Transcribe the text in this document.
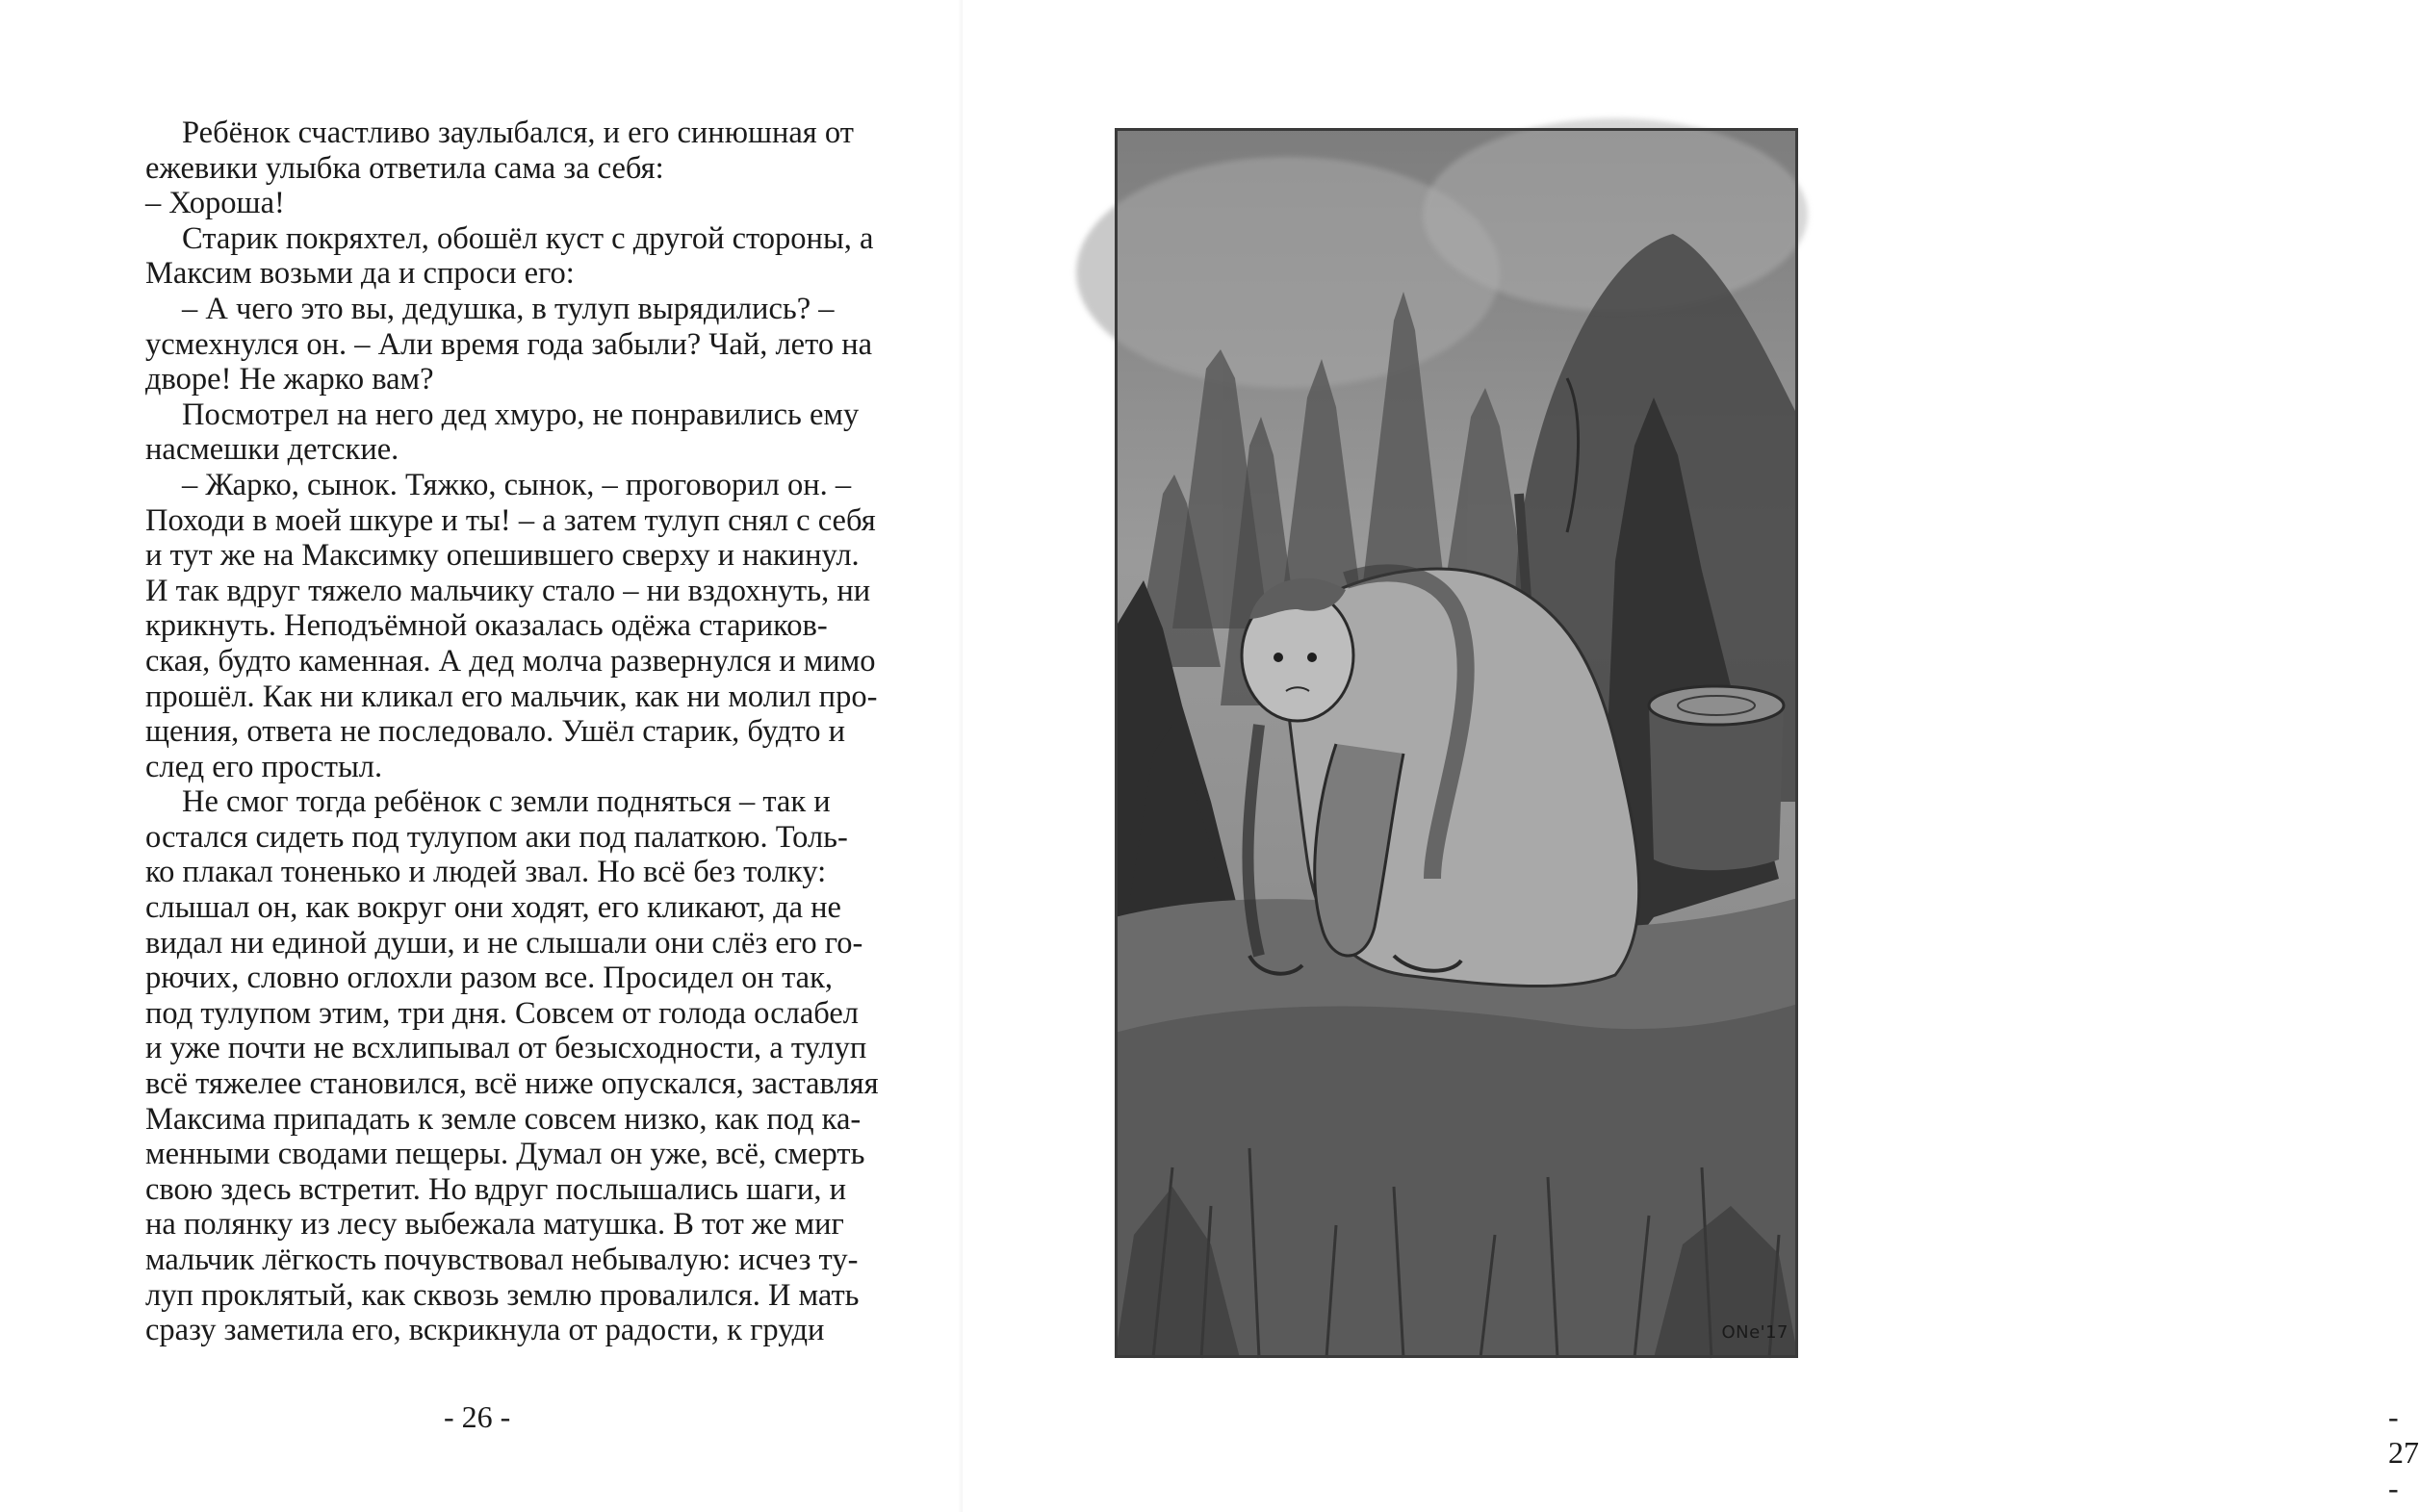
Ребёнок счастливо заулыбался, и его синюшная от
ежевики улыбка ответила сама за себя:
– Хороша!
Старик покряхтел, обошёл куст с другой стороны, а
Максим возьми да и спроси его:
– А чего это вы, дедушка, в тулуп вырядились? –
усмехнулся он. – Али время года забыли? Чай, лето на
дворе! Не жарко вам?
Посмотрел на него дед хмуро, не понравились ему
насмешки детские.
– Жарко, сынок. Тяжко, сынок, – проговорил он. –
Походи в моей шкуре и ты! – а затем тулуп снял с себя
и тут же на Максимку опешившего сверху и накинул.
И так вдруг тяжело мальчику стало – ни вздохнуть, ни
крикнуть. Неподъёмной оказалась одёжа стариков-
ская, будто каменная. А дед молча развернулся и мимо
прошёл. Как ни кликал его мальчик, как ни молил про-
щения, ответа не последовало. Ушёл старик, будто и
след его простыл.
Не смог тогда ребёнок с земли подняться – так и
остался сидеть под тулупом аки под палаткою. Толь-
ко плакал тоненько и людей звал. Но всё без толку:
слышал он, как вокруг они ходят, его кликают, да не
видал ни единой души, и не слышали они слёз его го-
рючих, словно оглохли разом все. Просидел он так,
под тулупом этим, три дня. Совсем от голода ослабел
и уже почти не всхлипывал от безысходности, а тулуп
всё тяжелее становился, всё ниже опускался, заставляя
Максима припадать к земле совсем низко, как под ка-
менными сводами пещеры. Думал он уже, всё, смерть
свою здесь встретит. Но вдруг послышались шаги, и
на полянку из лесу выбежала матушка. В тот же миг
мальчик лёгкость почувствовал небывалую: исчез ту-
луп проклятый, как сквозь землю провалился. И мать
сразу заметила его, вскрикнула от радости, к груди
- 26 -	- 27 -
ONe'17
